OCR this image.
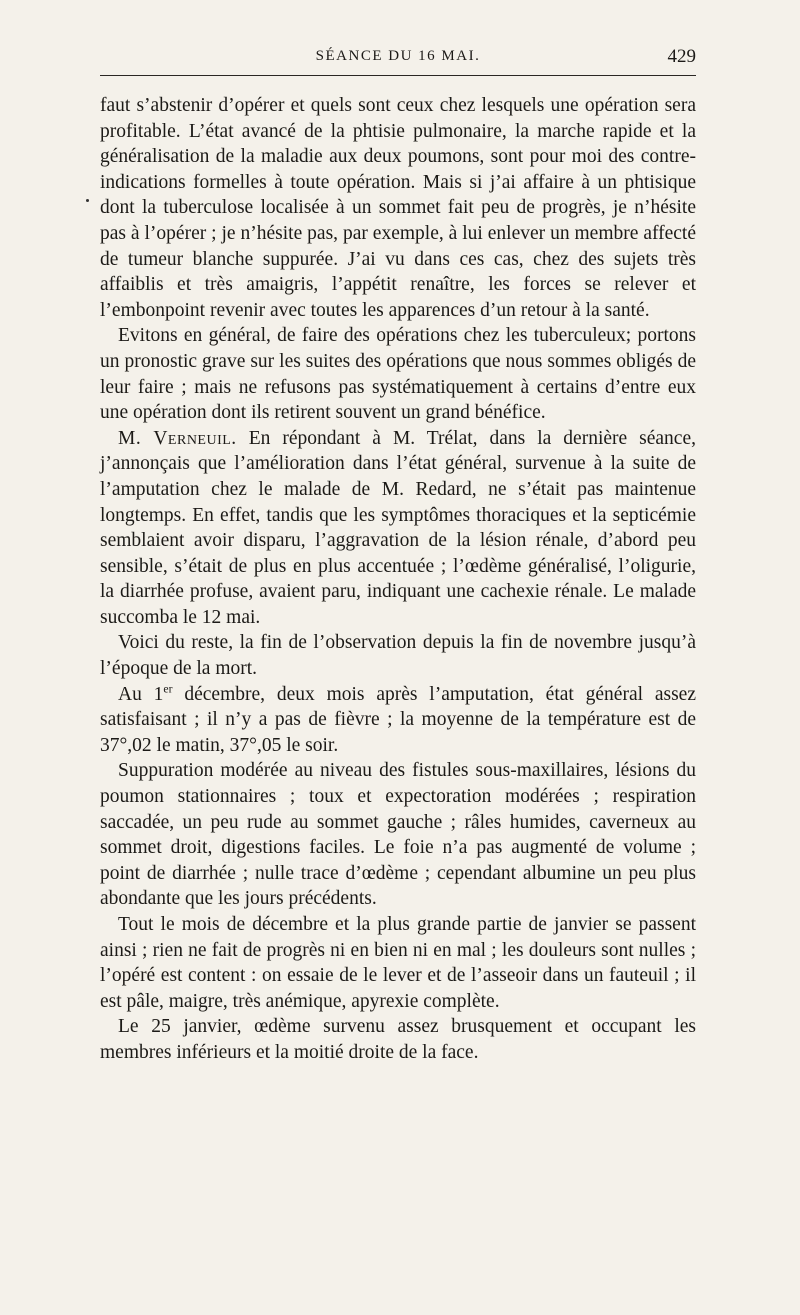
SÉANCE DU 16 MAI.	429

faut s’abstenir d’opérer et quels sont ceux chez lesquels une opération sera profitable. L’état avancé de la phtisie pulmonaire, la marche rapide et la généralisation de la maladie aux deux poumons, sont pour moi des contre-indications formelles à toute opération. Mais si j’ai affaire à un phtisique dont la tuberculose localisée à un sommet fait peu de progrès, je n’hésite pas à l’opérer ; je n’hésite pas, par exemple, à lui enlever un membre affecté de tumeur blanche suppurée. J’ai vu dans ces cas, chez des sujets très affaiblis et très amaigris, l’appétit renaître, les forces se relever et l’embonpoint revenir avec toutes les apparences d’un retour à la santé.

Evitons en général, de faire des opérations chez les tuberculeux; portons un pronostic grave sur les suites des opérations que nous sommes obligés de leur faire ; mais ne refusons pas systématiquement à certains d’entre eux une opération dont ils retirent souvent un grand bénéfice.

M. Verneuil. En répondant à M. Trélat, dans la dernière séance, j’annonçais que l’amélioration dans l’état général, survenue à la suite de l’amputation chez le malade de M. Redard, ne s’était pas maintenue longtemps. En effet, tandis que les symptômes thoraciques et la septicémie semblaient avoir disparu, l’aggravation de la lésion rénale, d’abord peu sensible, s’était de plus en plus accentuée ; l’œdème généralisé, l’oligurie, la diarrhée profuse, avaient paru, indiquant une cachexie rénale. Le malade succomba le 12 mai.

Voici du reste, la fin de l’observation depuis la fin de novembre jusqu’à l’époque de la mort.

Au 1er décembre, deux mois après l’amputation, état général assez satisfaisant ; il n’y a pas de fièvre ; la moyenne de la température est de 37°,02 le matin, 37°,05 le soir.

Suppuration modérée au niveau des fistules sous-maxillaires, lésions du poumon stationnaires ; toux et expectoration modérées ; respiration saccadée, un peu rude au sommet gauche ; râles humides, caverneux au sommet droit, digestions faciles. Le foie n’a pas augmenté de volume ; point de diarrhée ; nulle trace d’œdème ; cependant albumine un peu plus abondante que les jours précédents.

Tout le mois de décembre et la plus grande partie de janvier se passent ainsi ; rien ne fait de progrès ni en bien ni en mal ; les douleurs sont nulles ; l’opéré est content : on essaie de le lever et de l’asseoir dans un fauteuil ; il est pâle, maigre, très anémique, apyrexie complète.

Le 25 janvier, œdème survenu assez brusquement et occupant les membres inférieurs et la moitié droite de la face.
